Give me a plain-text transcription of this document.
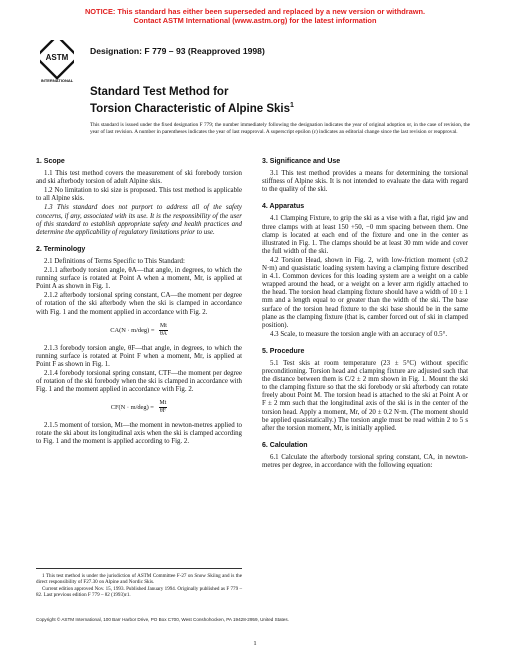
NOTICE: This standard has either been superseded and replaced by a new version or withdrawn.
Contact ASTM International (www.astm.org) for the latest information
ASTM
INTERNATIONAL
Designation: F 779 – 93 (Reapproved 1998)
Standard Test Method for
Torsion Characteristic of Alpine Skis$^1$
This standard is issued under the fixed designation F 779; the number immediately following the designation indicates the year of original adoption or, in the case of revision, the year of last revision. A number in parentheses indicates the year of last reapproval. A superscript epsilon (ε) indicates an editorial change since the last revision or reapproval.
1. Scope

1.1 This test method covers the measurement of ski forebody torsion and ski afterbody torsion of adult Alpine skis.

1.2 No limitation to ski size is proposed. This test method is applicable to all Alpine skis.

1.3 This standard does not purport to address all of the safety concerns, if any, associated with its use. It is the responsibility of the user of this standard to establish appropriate safety and health practices and determine the applicability of regulatory limitations prior to use.

2. Terminology

2.1 Definitions of Terms Specific to This Standard:

2.1.1 afterbody torsion angle, θA—that angle, in degrees, to which the running surface is rotated at Point A when a moment, Mr, is applied at Point A as shown in Fig. 1.

2.1.2 afterbody torsional spring constant, CA—the moment per degree of rotation of the ski afterbody when the ski is clamped in accordance with Fig. 1 and the moment applied in accordance with Fig. 2.

$CA(N \cdot m/deg) = \frac{Mt}{\theta A}$

2.1.3 forebody torsion angle, θF—that angle, in degrees, to which the running surface is rotated at Point F when a moment, Mr, is applied at Point F as shown in Fig. 1.

2.1.4 forebody torsional spring constant, CTF—the moment per degree of rotation of the ski forebody when the ski is clamped in accordance with Fig. 1 and the moment applied in accordance with Fig. 2.

$CF(N \cdot m/deg) = \frac{Mt}{\theta F}$

2.1.5 moment of torsion, Mt—the moment in newton-metres applied to rotate the ski about its longitudinal axis when the ski is clamped according to Fig. 1 and the moment is applied according to Fig. 2.

1 This test method is under the jurisdiction of ASTM Committee F-27 on Snow Skiing and is the direct responsibility of F27.30 on Alpine and Nordic Skis.

Current edition approved Nov. 15, 1993. Published January 1994. Originally published as F 779 – 82. Last previous edition F 779 – 82 (1993)ε1.

3. Significance and Use

3.1 This test method provides a means for determining the torsional stiffness of Alpine skis. It is not intended to evaluate the data with regard to the quality of the ski.

4. Apparatus

4.1 Clamping Fixture, to grip the ski as a vise with a flat, rigid jaw and three clamps with at least 150 +50, −0 mm spacing between them. One clamp is located at each end of the fixture and one in the center as illustrated in Fig. 1. The clamps should be at least 30 mm wide and cover the full width of the ski.

4.2 Torsion Head, shown in Fig. 2, with low-friction moment (≤0.2 N·m) and quasistatic loading system having a clamping fixture described in 4.1. Common devices for this loading system are a weight on a cable wrapped around the head, or a weight on a lever arm rigidly attached to the head. The torsion head clamping fixture should have a width of 10 ± 1 mm and a length equal to or greater than the width of the ski. The base surface of the torsion head fixture to the ski base should be in the same plane as the clamping fixture (that is, camber forced out of ski in clamped position).

4.3 Scale, to measure the torsion angle with an accuracy of 0.5°.

5. Procedure

5.1 Test skis at room temperature (23 ± 5°C) without specific preconditioning. Torsion head and clamping fixture are adjusted such that the distance between them is C/2 ± 2 mm shown in Fig. 1. Mount the ski to the clamping fixture so that the ski forebody or ski afterbody can rotate freely about Point M. The torsion head is attached to the ski at Point A or F ± 2 mm such that the longitudinal axis of the ski is in the center of the torsion head. Apply a moment, Mr, of 20 ± 0.2 N·m. (The moment should be applied quasistatically.) The torsion angle must be read within 2 to 5 s after the torsion moment, Mr, is initially applied.

6. Calculation

6.1 Calculate the afterbody torsional spring constant, CA, in newton-metres per degree, in accordance with the following equation:

Copyright © ASTM International, 100 Barr Harbor Drive, PO Box C700, West Conshohocken, PA 19428-2959, United States.
1
